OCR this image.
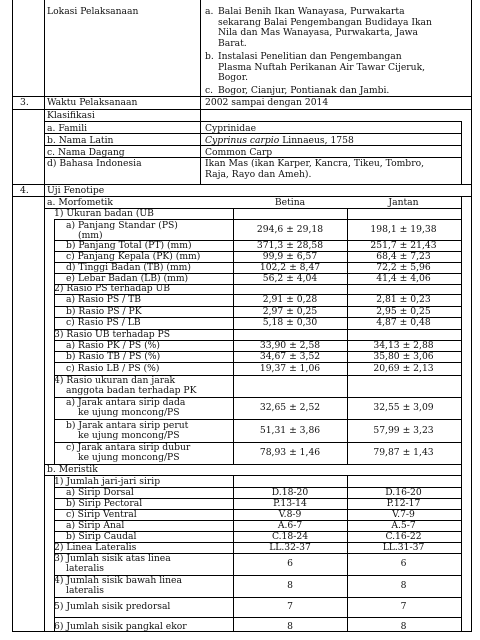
Lokasi Pelaksanaan	a. Balai Benih Ikan Wanayasa, Purwakarta
sekarang Balai Pengembangan Budidaya Ikan
Nila dan Mas Wanayasa, Purwakarta, Jawa
Barat.
b. Instalasi Penelitian dan Pengembangan
Plasma Nuftah Perikanan Air Tawar Cijeruk,
Bogor.
c. Bogor, Cianjur, Pontianak dan Jambi.
3. Waktu Pelaksanaan	2002 sampai dengan 2014
Klasifikasi
a. Famili	Cyprinidae
b. Nama Latin	Cyprinus carpio Linnaeus, 1758
c. Nama Dagang	Common Carp
d) Bahasa Indonesia	Ikan Mas (ikan Karper, Kancra, Tikeu, Tombro,
Raja, Rayo dan Ameh).
4. Uji Fenotipe
a. Morfometik	Betina	Jantan
1) Ukuran badan (UB
a) Panjang Standar (PS)
(mm)
294,6 ± 29,18	198,1 ± 19,38
b) Panjang Total (PT) (mm)	371,3 ± 28,58	251,7 ± 21,43
c) Panjang Kepala (PK) (mm)	99,9 ± 6,57	68,4 ± 7,23
d) Tinggi Badan (TB) (mm)	102,2 ± 8,47	72,2 ± 5,96
e) Lebar Badan (LB) (mm)	56,2 ± 4,04	41,4 ± 4,06
2) Rasio PS terhadap UB
a) Rasio PS / TB	2,91 ± 0,28	2,81 ± 0,23
b) Rasio PS / PK	2,97 ± 0,25	2,95 ± 0,25
c) Rasio PS / LB	5,18 ± 0,30	4,87 ± 0,48
3) Rasio UB terhadap PS
a) Rasio PK / PS (%)	33,90 ± 2,58	34,13 ± 2,88
b) Rasio TB / PS (%)	34,67 ± 3,52	35,80 ± 3,06
c) Rasio LB / PS (%)	19,37 ± 1,06	20,69 ± 2,13
4) Rasio ukuran dan jarak
anggota badan terhadap PK
a) Jarak antara sirip dada
ke ujung moncong/PS	32,65 ± 2,52	32,55 ± 3,09
b) Jarak antara sirip perut
ke ujung moncong/PS	51,31 ± 3,86	57,99 ± 3,23
c) Jarak antara sirip dubur
ke ujung moncong/PS	78,93 ± 1,46	79,87 ± 1,43
b. Meristik
1) Jumlah jari-jari sirip
a) Sirip Dorsal	D.18-20	D.16-20
b) Sirip Pectoral	P.13-14	P.12-17
c) Sirip Ventral	V.8-9	V.7-9
a) Sirip Anal	A.6-7	A.5-7
b) Sirip Caudal	C.18-24	C.16-22
2) Linea Lateralis	LL.32-37	LL.31-37
3) Jumlah sisik atas linea
lateralis	6	6
4) Jumlah sisik bawah linea
lateralis	8	8
5) Jumlah sisik predorsal	7	7
6) Jumlah sisik pangkal ekor	8	8
